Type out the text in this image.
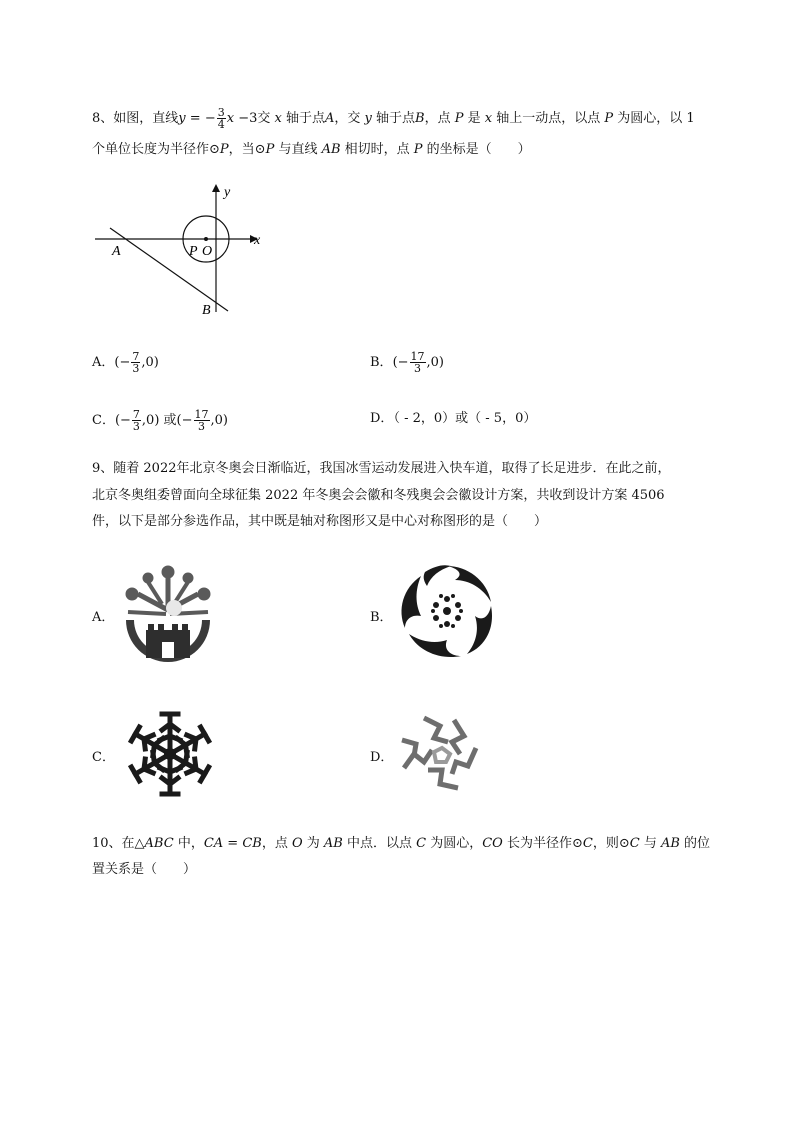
8、如图，直线y = − $\frac{3}{4}$ x −3交 x 轴于点A，交 y 轴于点B，点 P 是 x 轴上一动点，以点 P 为圆心，以 1
个单位长度为半径作⊙P，当⊙P 与直线 AB 相切时，点 P 的坐标是（　　）
y
x
A
B
P O
A．(− $\frac{7}{3} ,0$)	B．(− $\frac{17}{3} ,0$)
C．(− $\frac{7}{3} ,0$) 或(− $\frac{17}{3} ,0$)	D．（ - 2，0）或（ - 5，0）
9、随着 2022年北京冬奥会日渐临近，我国冰雪运动发展进入快车道，取得了长足进步．在此之前，
北京冬奥组委曾面向全球征集 2022 年冬奥会会徽和冬残奥会会徽设计方案，共收到设计方案 4506
件，以下是部分参选作品，其中既是轴对称图形又是中心对称图形的是（　　）
A．	B．
C．	D．
10、在△ABC 中，CA = CB，点 O 为 AB 中点．以点 C 为圆心，CO 长为半径作⊙C，则⊙C 与 AB 的位
置关系是（　　）
